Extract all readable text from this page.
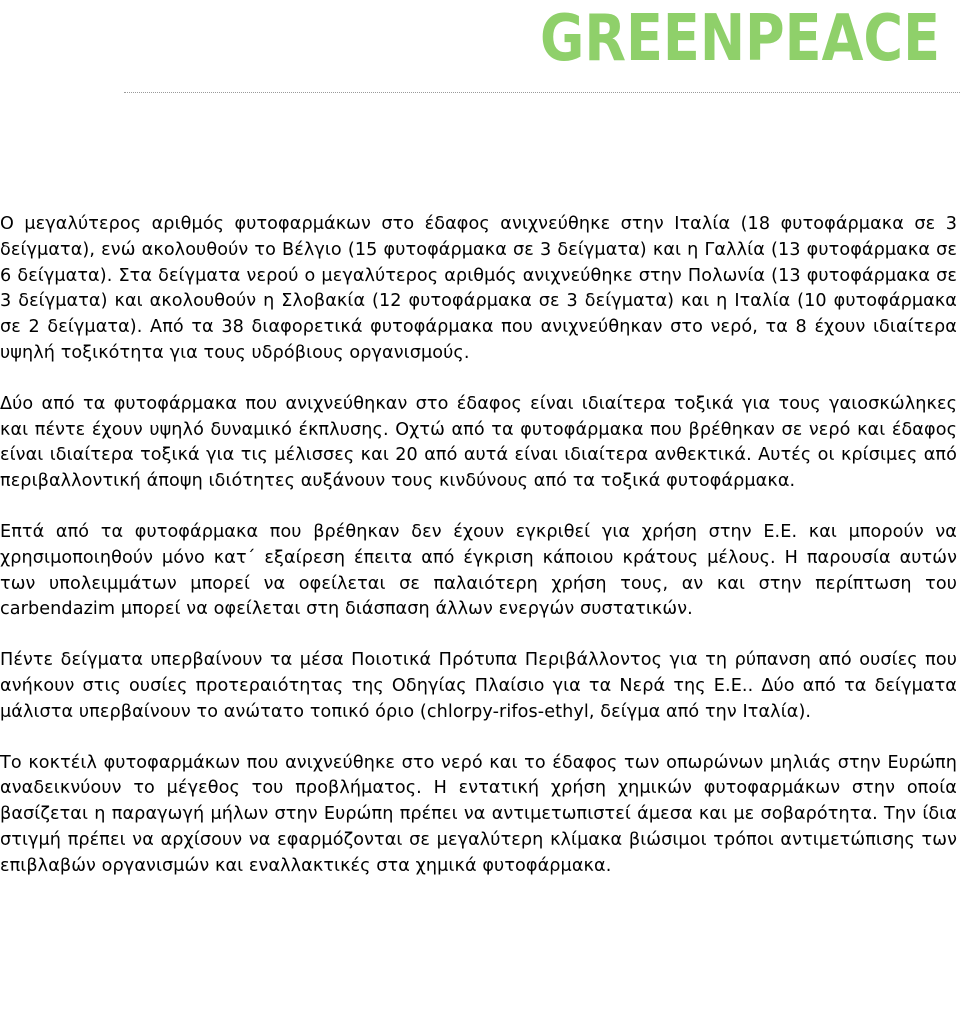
GREENPEACE

Ο μεγαλύτερος αριθμός φυτοφαρμάκων στο έδαφος ανιχνεύθηκε στην Ιταλία (18 φυτοφάρμακα σε 3 δείγματα), ενώ ακολουθούν το Βέλγιο (15 φυτοφάρμακα σε 3 δείγματα) και η Γαλλία (13 φυτοφάρμακα σε 6 δείγματα). Στα δείγματα νερού ο μεγαλύτερος αριθμός ανιχνεύθηκε στην Πολωνία (13 φυτοφάρμακα σε 3 δείγματα) και ακολουθούν η Σλοβακία (12 φυτοφάρμακα σε 3 δείγματα) και η Ιταλία (10 φυτοφάρμακα σε 2 δείγματα). Από τα 38 διαφορετικά φυτοφάρμακα που ανιχνεύθηκαν στο νερό, τα 8 έχουν ιδιαίτερα υψηλή τοξικότητα για τους υδρόβιους οργανισμούς.

Δύο από τα φυτοφάρμακα που ανιχνεύθηκαν στο έδαφος είναι ιδιαίτερα τοξικά για τους γαιοσκώληκες και πέντε έχουν υψηλό δυναμικό έκπλυσης. Οχτώ από τα φυτοφάρμακα που βρέθηκαν σε νερό και έδαφος είναι ιδιαίτερα τοξικά για τις μέλισσες και 20 από αυτά είναι ιδιαίτερα ανθεκτικά. Αυτές οι κρίσιμες από περιβαλλοντική άποψη ιδιότητες αυξάνουν τους κινδύνους από τα τοξικά φυτοφάρμακα.

Επτά από τα φυτοφάρμακα που βρέθηκαν δεν έχουν εγκριθεί για χρήση στην Ε.Ε. και μπορούν να χρησιμοποιηθούν μόνο κατ΄ εξαίρεση έπειτα από έγκριση κάποιου κράτους μέλους. Η παρουσία αυτών των υπολειμμάτων μπορεί να οφείλεται σε παλαιότερη χρήση τους, αν και στην περίπτωση του carbendazim μπορεί να οφείλεται στη διάσπαση άλλων ενεργών συστατικών.

Πέντε δείγματα υπερβαίνουν τα μέσα Ποιοτικά Πρότυπα Περιβάλλοντος για τη ρύπανση από ουσίες που ανήκουν στις ουσίες προτεραιότητας της Οδηγίας Πλαίσιο για τα Νερά της Ε.Ε.. Δύο από τα δείγματα μάλιστα υπερβαίνουν το ανώτατο τοπικό όριο (chlorpy-rifos-ethyl, δείγμα από την Ιταλία).

Το κοκτέιλ φυτοφαρμάκων που ανιχνεύθηκε στο νερό και το έδαφος των οπωρώνων μηλιάς στην Ευρώπη αναδεικνύουν το μέγεθος του προβλήματος. Η εντατική χρήση χημικών φυτοφαρμάκων στην οποία βασίζεται η παραγωγή μήλων στην Ευρώπη πρέπει να αντιμετωπιστεί άμεσα και με σοβαρότητα. Την ίδια στιγμή πρέπει να αρχίσουν να εφαρμόζονται σε μεγαλύτερη κλίμακα βιώσιμοι τρόποι αντιμετώπισης των επιβλαβών οργανισμών και εναλλακτικές στα χημικά φυτοφάρμακα.
